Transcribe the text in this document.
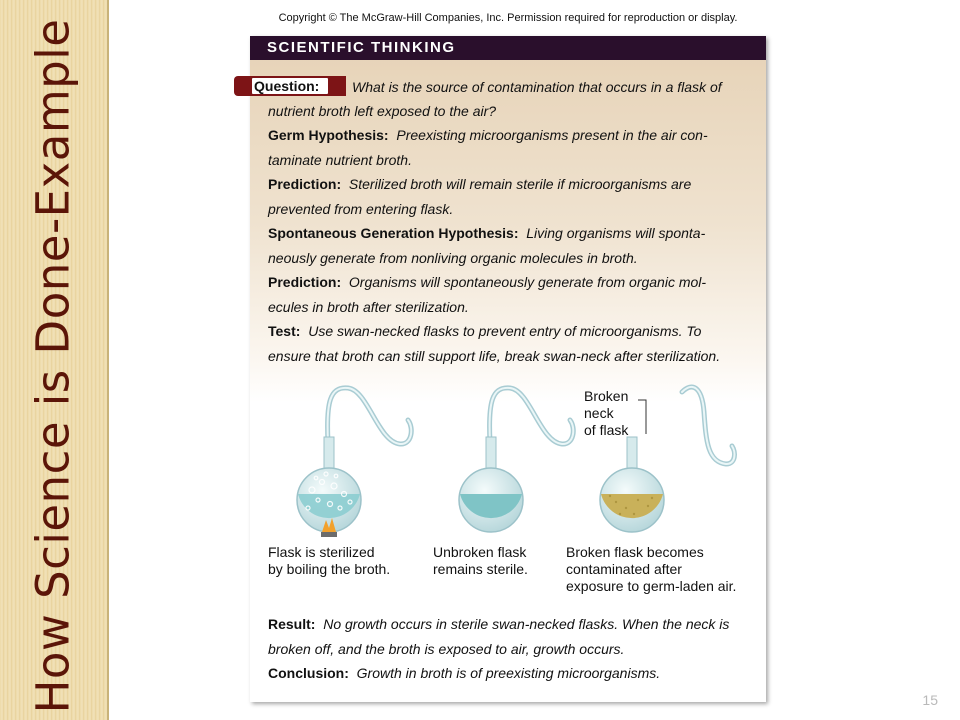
How Science is Done-Example
Copyright © The McGraw-Hill Companies, Inc. Permission required for reproduction or display.
SCIENTIFIC THINKING
Question:	What is the source of contamination that occurs in a flask of
nutrient broth left exposed to the air?
Germ Hypothesis: Preexisting microorganisms present in the air con-
taminate nutrient broth.
Prediction: Sterilized broth will remain sterile if microorganisms are
prevented from entering flask.
Spontaneous Generation Hypothesis: Living organisms will sponta-
neously generate from nonliving organic molecules in broth.
Prediction: Organisms will spontaneously generate from organic mol-
ecules in broth after sterilization.
Test: Use swan-necked flasks to prevent entry of microorganisms. To
ensure that broth can still support life, break swan-neck after sterilization.
Broken
neck
of flask
Flask is sterilized
by boiling the broth.
Unbroken flask
remains sterile.
Broken flask becomes
contaminated after
exposure to germ-laden air.
Result: No growth occurs in sterile swan-necked flasks. When the neck is
broken off, and the broth is exposed to air, growth occurs.
Conclusion: Growth in broth is of preexisting microorganisms.
15
